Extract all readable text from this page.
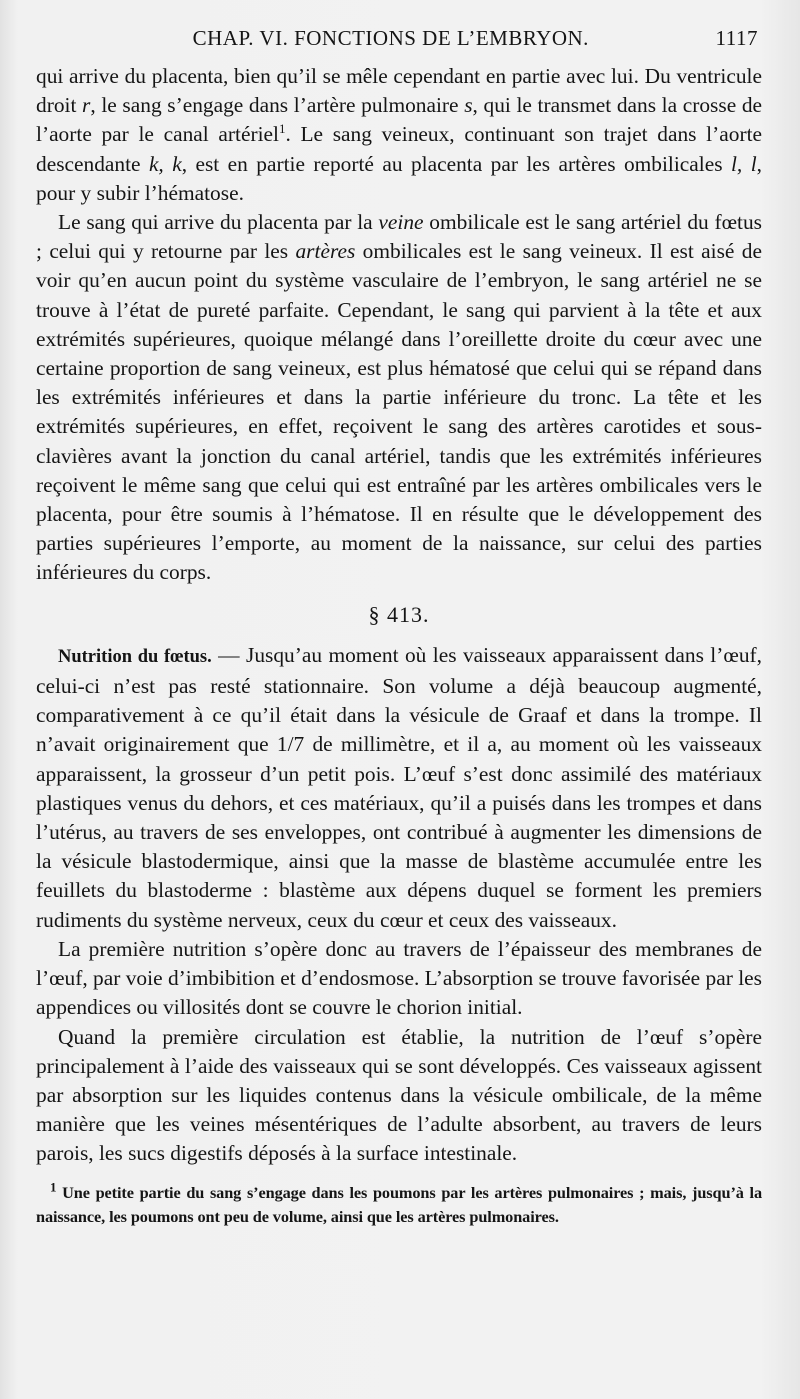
CHAP. VI. FONCTIONS DE L’EMBRYON.	1117

qui arrive du placenta, bien qu’il se mêle cependant en partie avec lui. Du ventricule droit r, le sang s’engage dans l’artère pulmonaire s, qui le transmet dans la crosse de l’aorte par le canal artériel$^1$. Le sang veineux, continuant son trajet dans l’aorte descendante k, k, est en partie reporté au placenta par les artères ombilicales l, l, pour y subir l’hématose.

Le sang qui arrive du placenta par la veine ombilicale est le sang artériel du fœtus ; celui qui y retourne par les artères ombilicales est le sang veineux. Il est aisé de voir qu’en aucun point du système vasculaire de l’embryon, le sang artériel ne se trouve à l’état de pureté parfaite. Cependant, le sang qui parvient à la tête et aux extrémités supérieures, quoique mélangé dans l’oreillette droite du cœur avec une certaine proportion de sang veineux, est plus hématosé que celui qui se répand dans les extrémités inférieures et dans la partie inférieure du tronc. La tête et les extrémités supérieures, en effet, reçoivent le sang des artères carotides et sous-clavières avant la jonction du canal artériel, tandis que les extrémités inférieures reçoivent le même sang que celui qui est entraîné par les artères ombilicales vers le placenta, pour être soumis à l’hématose. Il en résulte que le développement des parties supérieures l’emporte, au moment de la naissance, sur celui des parties inférieures du corps.

§ 413.

Nutrition du fœtus. — Jusqu’au moment où les vaisseaux apparaissent dans l’œuf, celui-ci n’est pas resté stationnaire. Son volume a déjà beaucoup augmenté, comparativement à ce qu’il était dans la vésicule de Graaf et dans la trompe. Il n’avait originairement que 1/7 de millimètre, et il a, au moment où les vaisseaux apparaissent, la grosseur d’un petit pois. L’œuf s’est donc assimilé des matériaux plastiques venus du dehors, et ces matériaux, qu’il a puisés dans les trompes et dans l’utérus, au travers de ses enveloppes, ont contribué à augmenter les dimensions de la vésicule blastodermique, ainsi que la masse de blastème accumulée entre les feuillets du blastoderme : blastème aux dépens duquel se forment les premiers rudiments du système nerveux, ceux du cœur et ceux des vaisseaux.

La première nutrition s’opère donc au travers de l’épaisseur des membranes de l’œuf, par voie d’imbibition et d’endosmose. L’absorption se trouve favorisée par les appendices ou villosités dont se couvre le chorion initial.

Quand la première circulation est établie, la nutrition de l’œuf s’opère principalement à l’aide des vaisseaux qui se sont développés. Ces vaisseaux agissent par absorption sur les liquides contenus dans la vésicule ombilicale, de la même manière que les veines mésentériques de l’adulte absorbent, au travers de leurs parois, les sucs digestifs déposés à la surface intestinale.

$^1$ Une petite partie du sang s’engage dans les poumons par les artères pulmonaires ; mais, jusqu’à la naissance, les poumons ont peu de volume, ainsi que les artères pulmonaires.
